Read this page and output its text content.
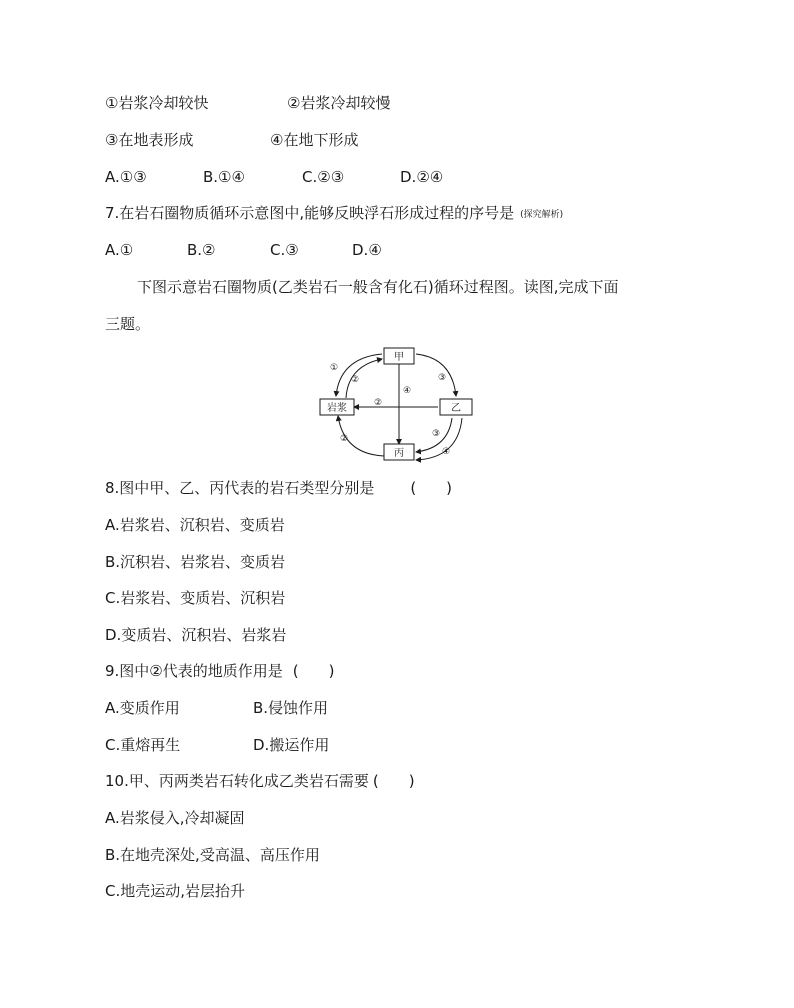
①岩浆冷却较快	②岩浆冷却较慢
③在地表形成	④在地下形成
A.①③	B.①④	C.②③	D.②④
7.在岩石圈物质循环示意图中,能够反映浮石形成过程的序号是 (探究解析)
A.①	B.②	C.③	D.④
下图示意岩石圈物质(乙类岩石一般含有化石)循环过程图。读图,完成下面
三题。
甲
岩浆	乙
丙
①
②
④
③
②
②	③
④
8.图中甲、乙、丙代表的岩石类型分别是 (　　)
A.岩浆岩、沉积岩、变质岩
B.沉积岩、岩浆岩、变质岩
C.岩浆岩、变质岩、沉积岩
D.变质岩、沉积岩、岩浆岩
9.图中②代表的地质作用是 (　　)
A.变质作用	B.侵蚀作用
C.重熔再生	D.搬运作用
10.甲、丙两类岩石转化成乙类岩石需要 (　　)
A.岩浆侵入,冷却凝固
B.在地壳深处,受高温、高压作用
C.地壳运动,岩层抬升
